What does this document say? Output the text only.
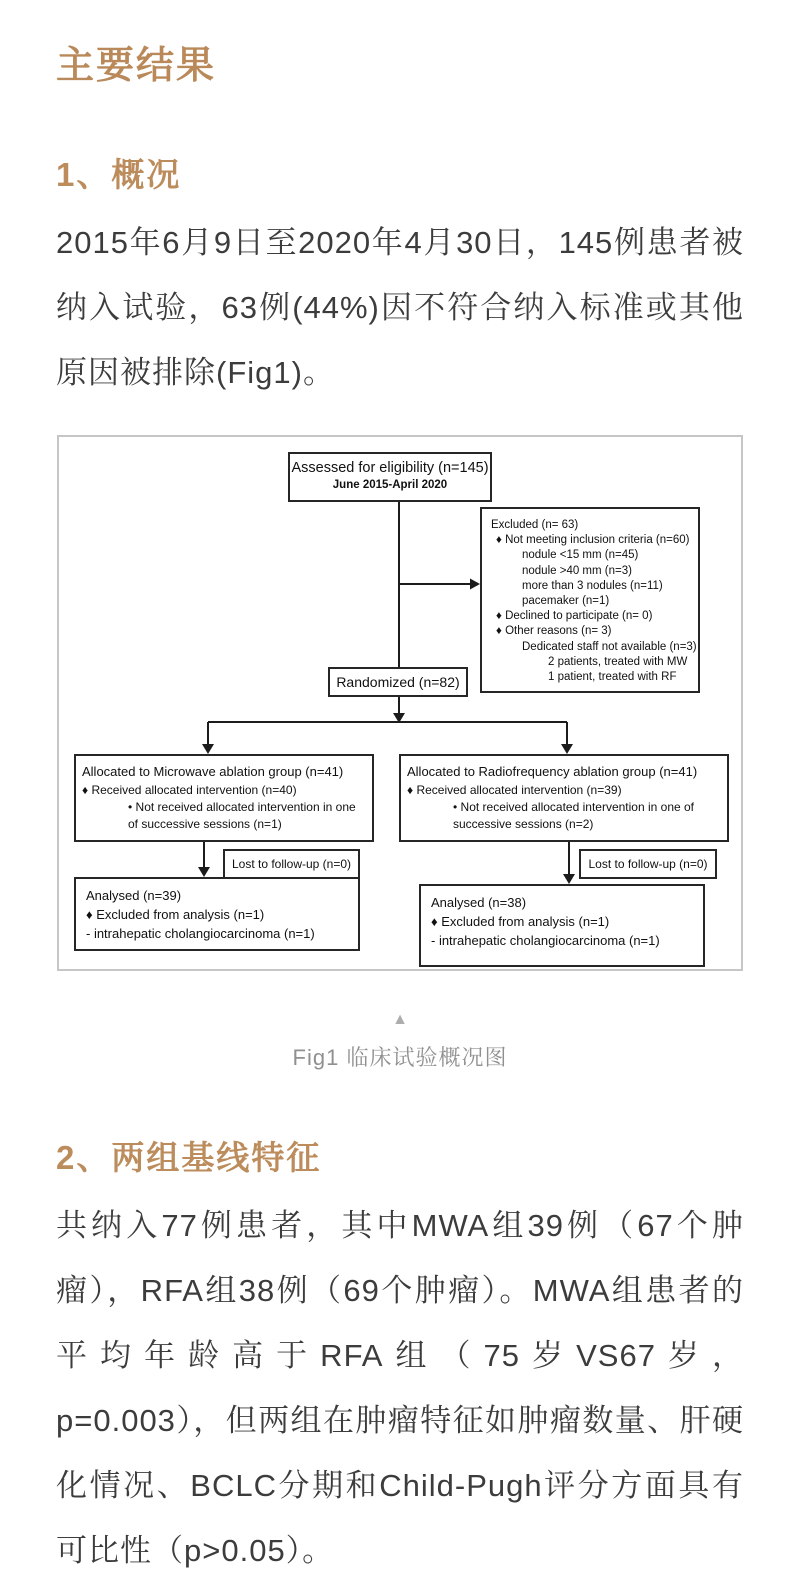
主要结果
1、概况

2015年6月9日至2020年4月30日，145例患者被纳入试验，63例(44%)因不符合纳入标准或其他原因被排除(Fig1)。

Assessed for eligibility (n=145)
June 2015-April 2020
Excluded (n= 63)
♦ Not meeting inclusion criteria (n=60)
nodule <15 mm (n=45)
nodule >40 mm (n=3)
more than 3 nodules (n=11)
pacemaker (n=1)
♦ Declined to participate (n= 0)
♦ Other reasons (n= 3)
Dedicated staff not available (n=3)
2 patients, treated with MW
1 patient, treated with RF
Randomized (n=82)
Allocated to Microwave ablation group (n=41)
♦ Received allocated intervention (n=40)
• Not received allocated intervention in one of successive sessions (n=1)
Allocated to Radiofrequency ablation group (n=41)
♦ Received allocated intervention (n=39)
• Not received allocated intervention in one of successive sessions (n=2)
Lost to follow-up (n=0)	Lost to follow-up (n=0)
Analysed (n=39)
♦ Excluded from analysis (n=1)
- intrahepatic cholangiocarcinoma (n=1)
Analysed (n=38)
♦ Excluded from analysis (n=1)
- intrahepatic cholangiocarcinoma (n=1)
▲
Fig1 临床试验概况图
2、两组基线特征

共纳入77例患者，其中MWA组39例（67个肿瘤），RFA组38例（69个肿瘤）。MWA组患者的平均年龄高于RFA组（75岁VS67岁，p=0.003），但两组在肿瘤特征如肿瘤数量、肝硬化情况、BCLC分期和Child-Pugh评分方面具有可比性（p>0.05）。
